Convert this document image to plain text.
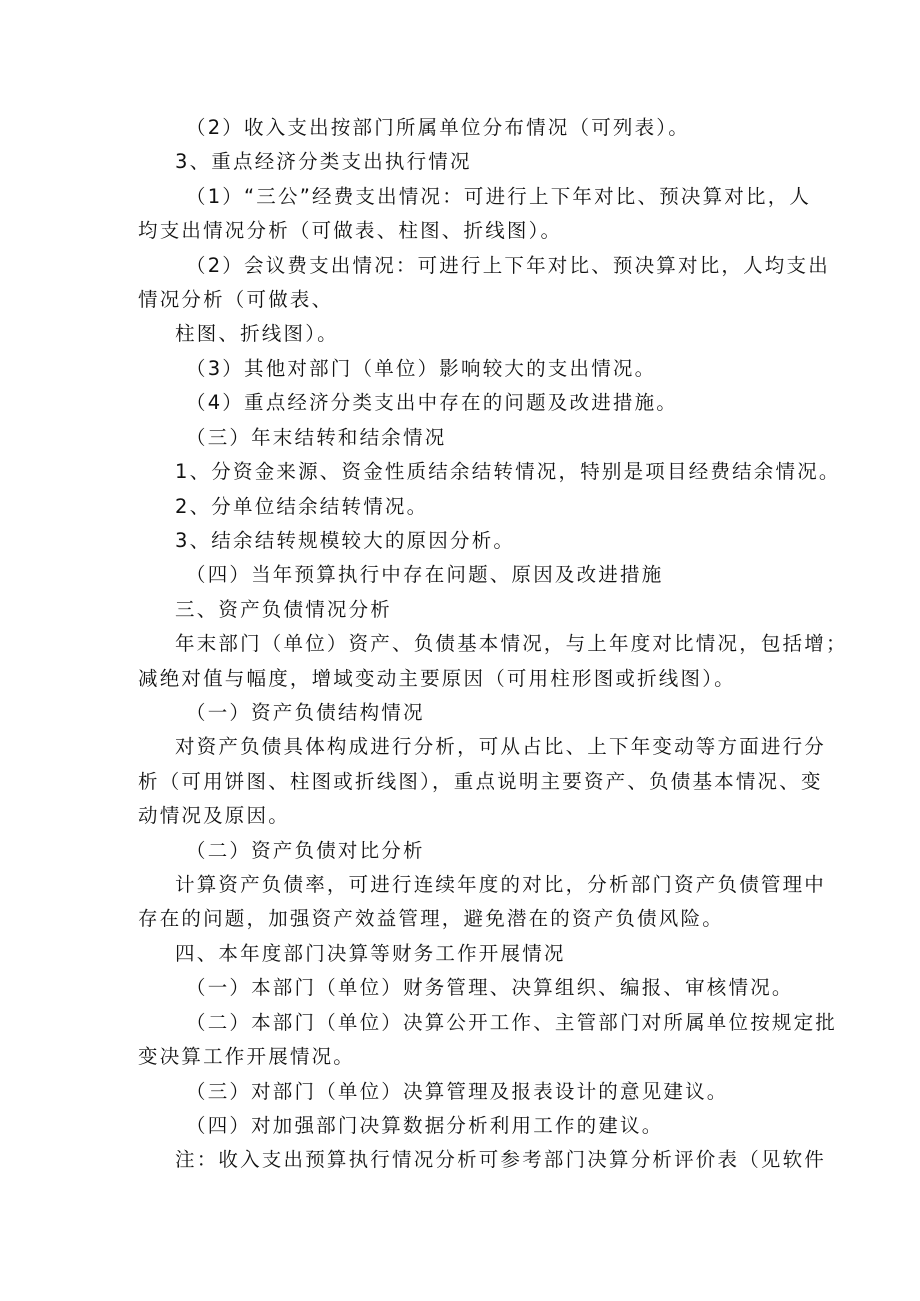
（2）收入支出按部门所属单位分布情况（可列表）。
3、重点经济分类支出执行情况
（1）“三公”经费支出情况：可进行上下年对比、预决算对比，人
均支出情况分析（可做表、柱图、折线图）。
（2）会议费支出情况：可进行上下年对比、预决算对比，人均支出
情况分析（可做表、
柱图、折线图）。
（3）其他对部门（单位）影响较大的支出情况。
（4）重点经济分类支出中存在的问题及改进措施。
（三）年末结转和结余情况
1、分资金来源、资金性质结余结转情况，特别是项目经费结余情况。
2、分单位结余结转情况。
3、结余结转规模较大的原因分析。
（四）当年预算执行中存在问题、原因及改进措施
三、资产负债情况分析
年末部门（单位）资产、负债基本情况，与上年度对比情况，包括增；
减绝对值与幅度，增域变动主要原因（可用柱形图或折线图）。
（一）资产负债结构情况
对资产负债具体构成进行分析，可从占比、上下年变动等方面进行分
析（可用饼图、柱图或折线图），重点说明主要资产、负债基本情况、变
动情况及原因。
（二）资产负债对比分析
计算资产负债率，可进行连续年度的对比，分析部门资产负债管理中
存在的问题，加强资产效益管理，避免潜在的资产负债风险。
四、本年度部门决算等财务工作开展情况
（一）本部门（单位）财务管理、决算组织、编报、审核情况。
（二）本部门（单位）决算公开工作、主管部门对所属单位按规定批
变决算工作开展情况。
（三）对部门（单位）决算管理及报表设计的意见建议。
（四）对加强部门决算数据分析利用工作的建议。
注：收入支出预算执行情况分析可参考部门决算分析评价表（见软件
